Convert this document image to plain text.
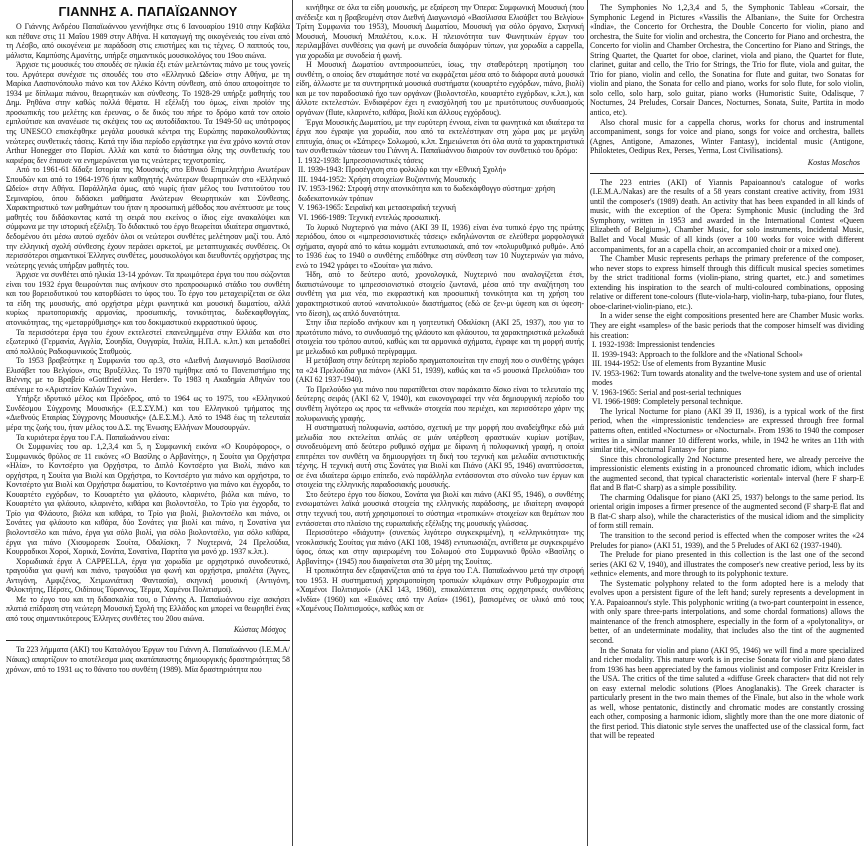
ΓΙΑΝΝΗΣ Α. ΠΑΠΑΪΩΑΝΝΟΥ

Ο Γιάννης Ανδρέου Παπαϊωάννου γεννήθηκε στις 6 Ιανουαρίου 1910 στην Καβάλα και πέθανε στις 11 Μαΐου 1989 στην Αθήνα. Η καταγωγή της οικογένειάς του είναι από τη Λέσβο, από οικογένεια με παράδοση στις επιστήμες και τις τέχνες. Ο παππούς του, μάλιστα, Καμπύσης Αμανίτης, υπήρξε σημαντικός μουσικολόγος του 19ου αιώνα.

Άρχισε τις μουσικές του σπουδές σε ηλικία έξι ετών μελετώντας πιάνο με τους γονείς του. Αργότερα συνέχισε τις σπουδές του στο «Ελληνικό Ωδείο» στην Αθήνα, με τη Μαρίκα Λασπονόπουλο πιάνο και τον Αλέκο Κόντη σύνθεση, από όπου αποφοίτησε το 1934 με δίπλωμα πιάνου, θεωρητικών και σύνθεσης. Το 1928-29 υπήρξε μαθητής του Δημ. Ρηθάνα στην καθώς πολλά θέματα. Η εξέλιξή του όμως, είναι προϊόν της προσωπικής του μελέτης και έρευνας, ο δε δικός του πήρε το δρόμο κατά τον οποίο εμπλούτισε και ανανέωσε τις σκέψεις του ως αυτοδίδακτου. Τα 1949-50 ως υπότροφος της UNESCO επισκέφθηκε μεγάλα μουσικά κέντρα της Ευρώπης παρακολουθώντας νεώτερες συνθετικές τάσεις. Κατά την ίδια περίοδο εργάστηκε για ένα χρόνο κοντά στον Arthur Honegger στο Παρίσι. Αλλά και κατά το διάστημα όλης της συνθετικής του καριέρας δεν έπαυσε να ενημερώνεται για τις νεώτερες τεχνοτροπίες.

Από το 1961-61 δίδαξε Ιστορία της Μουσικής στο Εθνικό Επιμελητήριο Ανωτέρων Σπουδών και από το 1964-1976 ήταν καθηγητής Ανώτερων θεωρητικών στο «Ελληνικό Ωδείο» στην Αθήνα. Παράλληλα όμως, από νωρίς ήταν μέλος του Ινστιτούτου του Σεμιναρίου, όπου διδάσκει μαθήματα Ανώτερων Θεωρητικών και Σύνθεσης. Χαρακτηριστικό των μαθημάτων του ήταν η προσωπική μέθοδος που ανέπτυσσε με τους μαθητές του διδάσκοντας κατά τη σειρά που εκείνος ο ίδιος είχε ανακαλύψει και σύμφωνα με την ιστορική εξέλιξη. Το διδακτικό του έργο θεωρείται ιδιαίτερα σημαντικό, δεδομένου ότι μέσω αυτού σχεδόν όλοι οι νεώτεροι συνθέτες μελέτησαν μαζί του. Από την ελληνική σχολή σύνθεσης έχουν περάσει αρκετοί, με μεταπτυχιακές συνθέσεις. Οι περισσότεροι σημαντικοί Έλληνες συνθέτες, μουσικολόγοι και διευθυντές ορχήστρας της νεώτερης γενιάς υπήρξαν μαθητές του.

Άρχισε να συνθέτει από ηλικία 13-14 χρόνων. Τα πρωιμότερα έργα του που σώζονται είναι του 1932 έργα θεωρούνται πως ανήκουν στο προπροσωρικό στάδιο του συνθέτη και του βορειοδυτικού του κατορθώσει το ύφος του. Το έργο του μεταχειρίζεται σε όλα τα είδη της μουσικής, από ορχήστρα μέχρι φωνητικά και μουσική δωματίου, αλλά κυρίως πρωτοποριακής αρμονίας, προσωπικής, τονικότητας, δωδεκαφθογγίας, ατονικότητας, της «μεταρρύθμισης» και του δοκιμαστικού εκφραστικού ύφους.

Τα περισσότερα έργα του έχουν εκτελεστεί επανειλημμένα στην Ελλάδα και στο εξωτερικό (Γερμανία, Αγγλία, Σουηδία, Ουγγαρία, Ιταλία, Η.Π.Α. κ.λπ.) και μεταδοθεί από πολλούς Ραδιοφωνικούς Σταθμούς.

Το 1953 βραβεύτηκε η Συμφωνία του αρ.3, στο «Διεθνή Διαγωνισμό Βασίλισσα Ελισάβετ του Βελγίου», στις Βρυξέλλες. Το 1970 τιμήθηκε από το Πανεπιστήμιο της Βιέννης με το Βραβείο «Gottfried von Herder». Το 1983 η Ακαδημία Αθηνών του απένειμε το «Αριστείον Καλών Τεχνών».

Υπήρξε ιδρυτικό μέλος και Πρόεδρος, από το 1964 ως το 1975, του «Ελληνικού Συνδέσμου Σύγχρονης Μουσικής» (Ε.Σ.ΣΥ.Μ.) και του Ελληνικού τμήματος της «Διεθνούς Εταιρίας Σύγχρονης Μουσικής» (Δ.Ε.Σ.Μ.). Από το 1948 έως τη τελευταία μέρα της ζωής του, ήταν μέλος του Δ.Σ. της Ένωσης Ελλήνων Μουσουργών.

Τα κυριότερα έργα του Γ.Α. Παπαϊωάννου είναι:

Οι Συμφωνίες του αρ. 1,2,3,4 και 5, η Συμφωνική εικόνα «Ο Κουρόφορος», ο Συμφωνικός θρύλος σε 11 εικόνες «Ο Βασίλης ο Αρβανίτης», η Σουίτα για Ορχήστρα «Ηλία», το Κοντσέρτο για Ορχήστρα, το Διπλό Κοντσέρτο για Βιολί, πιάνο και ορχήστρα, η Σουίτα για Βιολί και Ορχήστρα, το Κοντσέρτο για πιάνο και ορχήστρα, το Κοντσέρτο για Βιολί και Ορχήστρα δωματίου, το Κοντσέρτινο για πιάνο και έγχορδα, το Κουαρτέτο εγχόρδων, το Κουαρτέτο για φλάουτο, κλαρινέτο, βιόλα και πιάνο, το Κουαρτέτο για φλάουτο, κλαρινέτο, κιθάρα και βιολοντσέλο, το Τρίο για έγχορδα, το Τρίο για Φλάουτο, βιόλα και κιθάρα, το Τρίο για βιολί, βιολοντσέλο και πιάνο, οι Σονάτες για φλάουτο και κιθάρα, δύο Σονάτες για βιολί και πιάνο, η Σονατίνα για βιολοντσέλο και πιάνο, έργα για σόλο βιολί, για σόλο βιολοντσέλο, για σόλο κιθάρα, έργα για πιάνο (Χιουμορεσκ Σουίτα, Οδαλίσκη, 7 Νυχτερινά, 24 Πρελούδια, Κουρραδικοι Χοροί, Χορικά, Σονάτα, Σονατίνα, Παρτίτα για μονό χρ. 1937 κ.λπ.).

Χορωδιακά έργα A CAPPELLA, έργα για χορωδία με ορχηστρικό συνοδευτικό, τραγούδια για φωνή και πιάνο, τραγούδια για φωνή και ορχήστρα, μπαλέτα (Άγνες, Αντιγόνη, Αμφιζένος, Χειμωνιάτικη Φαντασία), σκηνική μουσική (Αντιγόνη, Φιλοκτήτης, Πέρσες, Οιδίπους Τύραννος, Τέρμα, Χαμένοι Πολιτισμοί).

Με το έργο του και τη διδασκαλία του, ο Γιάννης Α. Παπαϊωάννου είχε ασκήσει πλατιά επίδραση στη νεώτερη Μουσική Σχολή της Ελλάδος και μπορεί να θεωρηθεί ένας από τους σημαντικότερους Έλληνες συνθέτες του 20ου αιώνα.

Κώστας Μόσχος

Τα 223 λήμματα (ΑΚΙ) του Καταλόγου Έργων του Γιάννη Α. Παπαϊωάννου (Ι.Ε.Μ.Α/Νάκας) απαρτίζουν το αποτέλεσμα μιας ακατάπαυστης δημιουργικής δραστηριότητας 58 χρόνων, από το 1931 ως το θάνατο του συνθέτη (1989). Μία δραστηριότητα που

κινήθηκε σε όλα τα είδη μουσικής, με εξαίρεση την Όπερα: Συμφωνική Μουσική (που ανέδειξε και η βραβευμένη στον Διεθνή Διαγωνισμό «Βασίλισσα Ελισάβετ του Βελγίου» Τρίτη Συμφωνία του 1953), Μουσική Δωματίου, Μουσική για σόλο όργανο, Σκηνική Μουσική, Μουσική Μπαλέτου, κ.ο.κ. Η πλειονότητα των Φωνητικών έργων του περιλαμβάνει συνθέσεις για φωνή με συνοδεία διαφόρων τύπων, για χορωδία a cappella, για χορωδία με συνοδεία ή φωνή.

Η Μουσική Δωματίου αντιπροσωπεύει, ίσως, την σταθερότερη προτίμηση του συνθέτη, ο οποίος δεν σταμάτησε ποτέ να εκφράζεται μέσα από το διάφορα αυτά μουσικά είδη, άλλωστε με τα συντηρητικά μουσικά συστήματα (κουαρτέτο εγχόρδων, πιάνο, βιολί) και με τον παραδοσιακό ήχο των οργάνων (βιολοντσέλο, κουαρτέτο εγχόρδων, κ.λπ.), και άλλοτε εκτελεστών. Ενδιαφέρον έχει η ενασχόλησή του με πρωτότυπους συνδυασμούς οργάνων (flute, κλαρινέτο, κιθάρα, βιολί και άλλους εγχόρδους).

Έργα Μουσικής Δωματίου, με την ευρύτερη έννοια, είναι τα φωνητικά και ιδιαίτερα τα έργα που έγραψε για χορωδία, που από τα εκτελέστηκαν στη χώρα μας με μεγάλη επιτυχία, όπως οι «Σάτιρες» Σολωμού, κ.λπ. Σημειώνεται ότι όλα αυτά τα χαρακτηριστικά των συνθετικών τάσεων του Γιάννη Α. Παπαϊωάννου διαιρούν τον συνθετικό του δρόμο:

Ι. 1932-1938: Ιμπρεσσιονιστικές τάσεις

ΙΙ. 1939-1943: Προσέγγιση στο φολκλόρ και την «Εθνική Σχολή»

ΙΙΙ. 1944-1952: Χρήση στοιχείων Βυζαντινής Μουσικής

ΙV. 1953-1962: Στροφή στην ατονικότητα και το δωδεκάφθογγο σύστημα· χρήση δωδεκατονικών τρόπων

V. 1963-1965: Σειραϊκή και μετασειραϊκή τεχνική

VI. 1966-1989: Τεχνική εντελώς προσωπική.

Το λυρικό Νυχτερινό για πιάνο (AKI 39 II, 1936) είναι ένα τυπικό έργο της πρώτης περιόδου, όπου οι «ιμπρεσσιονιστικές τάσεις» εκδηλώνονται σε ελεύθερα μορφολογικά σχήματα, αγορά από το κάτω κομμάτι εντυπωσιακά, από τον «πολυρυθμικό ρυθμό». Από το 1936 έως το 1940 ο συνθέτης επιδόθηκε στη σύνθεση των 10 Νυχτερινών για πιάνο, ενώ το 1942 γράφει το «Σουίτα» για πιάνο.

Ήδη, από το δεύτερο αυτό, χρονολογικά, Νυχτερινό που αναλογίζεται έτσι, διαπιστώνουμε το ιμπρεσσιονιστικό στοιχείο ζωντανά, μέσα από την αναζήτηση του συνθέτη για μια νέα, πιο εκφραστική και προσωπική τονικότητα και τη χρήση του χαρακτηριστικού αυτού «ανατολικού» διαστήματος (εδώ σε ξεν-μι ύφεση και σι ύφεση-ντο δίεση), ως απλό δυνατότητα.

Στην ίδια περίοδο ανήκουν και η γοητευτική Οδαλίσκη (AKI 25, 1937), που για το πρωτότυπο πιάνο, το συνδυασμό της φλάουτο και φλάουτου, τα χαρακτηριστικά μελωδικά στοιχεία του τρόπου αυτού, καθώς και τα αρμονικά σχήματα, έγραφε και τη μορφή αυτής με μελωδικό και ρυθμικό περίγραμμα.

Η μετάβαση στην δεύτερη περίοδο πραγματοποιείται την εποχή που ο συνθέτης γράφει τα «24 Πρελούδια για πιάνο» (AKI 51, 1939), καθώς και τα «5 μουσικά Πρελούδια» του (AKI 62 1937-1940).

Το Πρελούδιο για πιάνο που παρατίθεται στον παράκαιτο δίσκο είναι το τελευταίο της δεύτερης σειράς (AKI 62 V, 1940), και εικονογραφεί την νέα δημιουργική περίοδο του συνθέτη λιγότερο ως προς τα «εθνικά» στοιχεία που περιέχει, και περισσότερο χάριν της πολυφωνικής γραφής.

Η συστηματική πολυφωνία, ωστόσο, σχετική με την μορφή που αναδείχθηκε εδώ μιά μελωδία που εκτελείται απλώς σε μιάν υπέρθεση φραστικών κυρίων μοτίβων, συνοδευόμενη από δεύτερο ρυθμικό σχήμα με δίφωνη ή πολυφωνική γραφή, η οποία επιτρέπει τον συνθέτη να δημιουργήσει τη δική του τεχνική και μελωδία αντιστικτικής τέχνης. Η τεχνική αυτή στις Σονάτες για Βιολί και Πιάνο (AKI 95, 1946) αναπτύσσεται, σε ένα ιδιαίτερα ώριμο επίπεδο, ενώ παράλληλα εντάσσονται στο σύνολο των έργων και στοιχεία της ελληνικής παραδοσιακής μουσικής.

Στο δεύτερο έργο του δίσκου, Σονάτα για βιολί και πιάνο (AKI 95, 1946), ο συνθέτης ενσωματώνει λαϊκά μουσικά στοιχεία της ελληνικής παράδοσης, με ιδιαίτερη αναφορά στην τεχνική του, αυτή χρησιμοποιεί το σύστημα «τροπικών» στοιχείων και θεμάτων που εντάσσεται στο πλαίσιο της ευρωπαϊκής εξέλιξης της μουσικής γλώσσας.

Περισσότερο «διάχυτη» (συνεπώς λιγότερο συγκεκριμένη), η «ελληνικότητα» της νεοκλασικής Σουίτας για πιάνο (AKI 108, 1948) εντυπωσιάζει, αντίθετα με συγκεκριμένο ύφος, όπως και στην αφιερωμένη του Σολωμού στο Συμφωνικό θρύλο «Βασίλης ο Αρβανίτης» (1945) που διαφαίνεται στα 30 μέρη της Σουίτας.

Η τροπικότητα δεν εξαφανίζεται από τα έργα του Γ.Α. Παπαϊωάννου μετά την στροφή του 1953. Η συστηματική χρησιμοποίηση τροπικών κλιμάκων στην Ρυθμοχρωμία στα «Χαμένοι Πολιτισμοί» (AKI 143, 1960), επικαλύπτεται στις ορχηστρικές συνθέσεις «Ινδία» (1960) και «Εικόνες από την Ασία» (1961), βασισμένες σε υλικό από τους «Χαμένους Πολιτισμούς», καθώς και σε

The Symphonies No 1,2,3,4 and 5, the Symphonic Tableau «Corsair, the Symphonic Legend in Pictures «Vassilis the Albanian», the Suite for Orchestra «India», the Concerto for Orchestra, the Double Concerto for violin, piano and orchestra, the Suite for violin and orchestra, the Concerto for Piano and orchestra, the Concerto for violin and Chamber Orchestra, the Concertino for Piano and Strings, the String Quartet, the Quartet for oboe, clarinet, viola and piano, the Quartet for flute, clarinet, guitar and cello, the Trio for Strings, the Trio for flute, viola and guitar, the Trio for piano, violin and cello, the Sonatina for flute and guitar, two Sonatas for violin and piano, the Sonata for cello and piano, works for solo flute, for solo violin, solo cello, solo harp, solo guitar, piano works (Humoristic Suite, Odalisque, 7 Nocturnes, 24 Preludes, Corsair Dances, Nocturnes, Sonata, Suite, Partita in modo antico, etc).

Also choral music for a cappella chorus, works for chorus and instrumental accompaniment, songs for voice and piano, songs for voice and orchestra, ballets (Agnes, Antigone, Amazones, Winter Fantasy), incidental music (Antigone, Philoktetes, Oedipus Rex, Perses, Yerma, Lost Civilisations).

Kostas Moschos

The 223 entries (AKI) of Yiannis Papaioannou's catalogue of works (I.E.M.A./Nakas) are the results of a 58 years constant creative activity, from 1931 until the composer's (1989) death. An activity that has been expanded in all kinds of music, with the exception of the Opera: Symphonic Music (including the 3rd Symphony, written in 1953 and awarded in the International Contest «Queen Elizabeth of Belgium»), Chamber Music, for solo instruments, Incidental Music, Ballet and Vocal Music of all kinds (over a 100 works for voice with different accompaniments, for an a capella choir, an accompanied choir or a mixed one).

The Chamber Music represents perhaps the primary preference of the composer, who never stops to express himself through this difficult musical species sometimes by the strict traditional forms (violin-piano, string quartet, etc.) and sometimes extending his inspiration to the search of multi-coloured combinations, opposing relative or different tone-colours (flute-viola-harp, violin-harp, tuba-piano, four flutes, oboe-clarinet-violin-piano, etc.).

In a wider sense the eight compositions presented here are Chamber Music works. They are eight «samples» of the basic periods that the composer himself was dividing his creation:

I. 1932-1938: Impressionist tendencies

II. 1939-1943: Approach to the folklore and the «National School»

III. 1944-1952: Use of elements from Byzantine Music

IV. 1953-1962: Turn towards atonality and the twelve-tone system and use of oriental modes

V. 1963-1965: Serial and post-serial techniques

VI. 1966-1989: Completely personal technique.

The lyrical Nocturne for piano (AKI 39 II, 1936), is a typical work of the first period, when the «impressionistic tendencies» are expressed through free formal patterns often, entitled «Nocturnes» or «Nocturnal». From 1936 to 1940 the composer writes in a similar manner 10 different works, while, in 1942 he writes an 11th with similar title, «Nocturnal Fantasy» for piano.

Since this chronologically 2nd Nocturne presented here, we already perceive the impressionistic elements existing in a pronounced chromatic idiom, which includes the augmented second, that typical characteristic «oriental» interval (here F sharp-E flat and B flat-C sharp) as a simple possibility.

The charming Odalisque for piano (AKI 25, 1937) belongs to the same period. Its oriental origin imposes a firmer presence of the augmented second (F sharp-E flat and B flat-C sharp also), while the characteristics of the musical idiom and the simplicity of form still remain.

The transition to the second period is effected when the composer writes the «24 Preludes for piano» (AKI 51, 1939), and the 5 Preludes of AKI 62 (1937-1940).

The Prelude for piano presented in this collection is the last one of the second series (AKI 62 V, 1940), and illustrates the composer's new creative period, less by its «ethnic» elements, and more through to its polyphonic texture.

The Systematic polyphony related to the form adopted here is a melody that evolves upon a persistent figure of the left hand; surely represents a development in Y.A. Papaioannou's style. This polyphonic writing (a two-part counterpoint in essence, with only spare three-parts interpolations, and some chordal formations) allows the maintenance of the french atmosphere, especially in the form of a «polytonality», or better, of an undeterminate modality, that includes also the tint of the augmented second.

In the Sonata for violin and piano (AKI 95, 1946) we will find a more specialized and richer modality. This mature work is in precise Sonata for violin and piano dates from 1936 has been appreciated by the famous violinist and composer Fritz Kreisler in the USA. The critics of the time saluted a «diffuse Greek character» that did not rely on easy external melodic solutions (Ploes Anoglanakis). The Greek character is particularly present in the two main themes of the Finale, but also in the whole work as well, whose pentatonic, distinctly and chromatic modes are constantly crossing each other, composing a harmonic idiom, slightly more than the one more diatonic of the first period. This diatonic style serves the unaffected use of the classical form, fact that will be repeated
